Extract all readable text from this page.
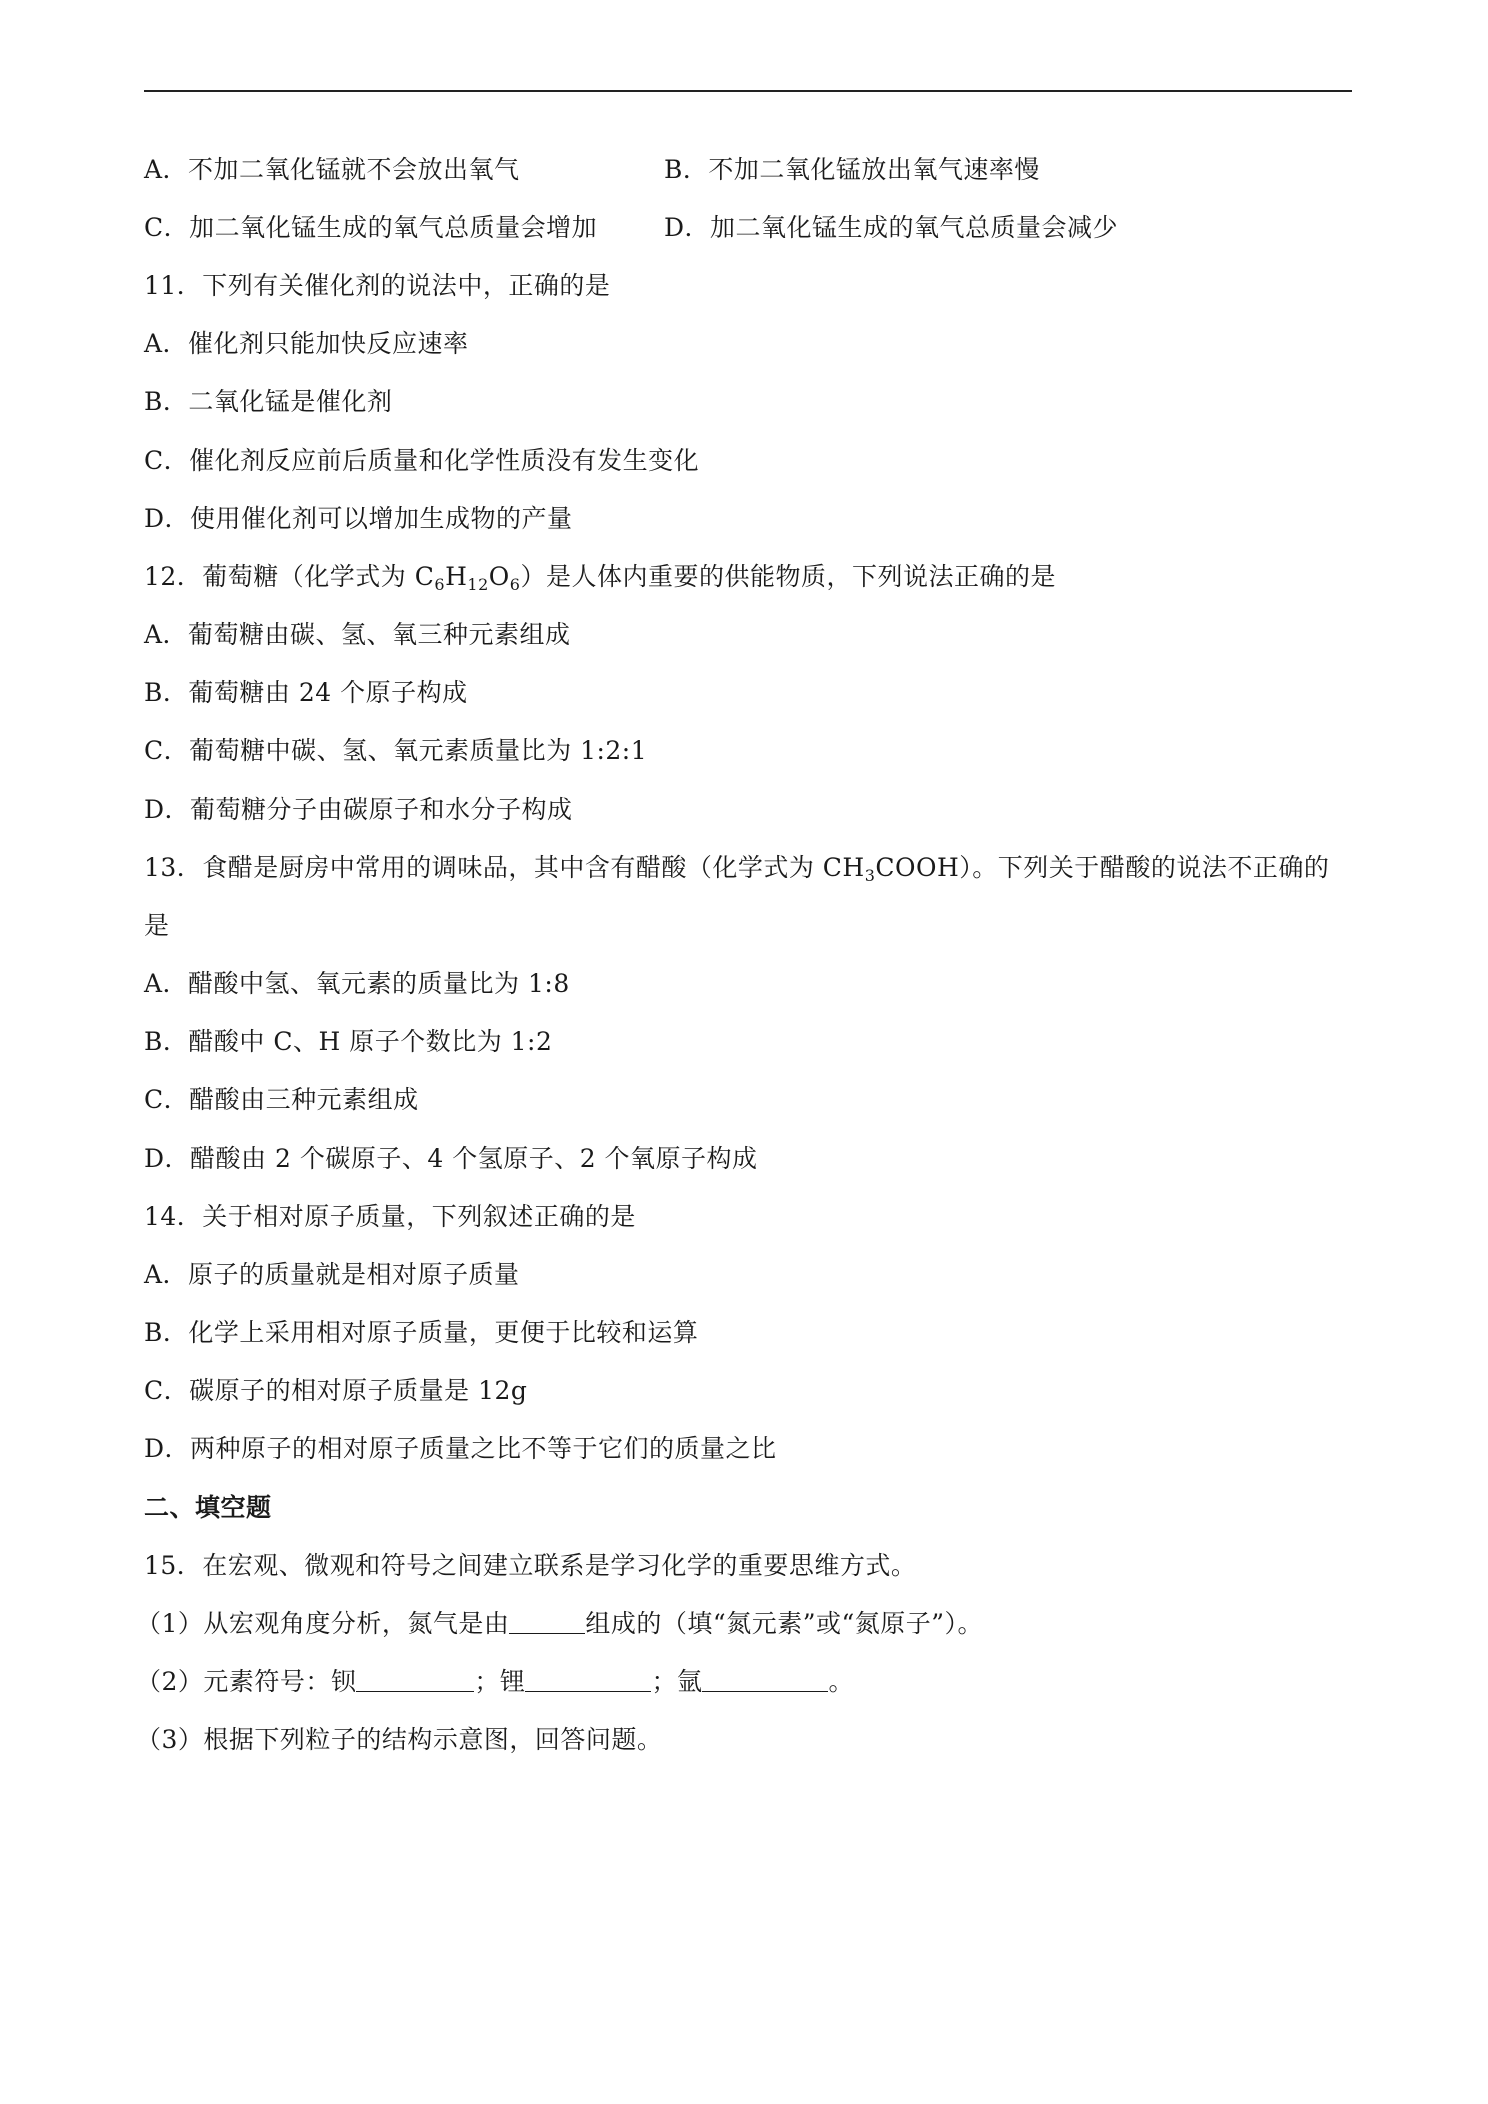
A．不加二氧化锰就不会放出氧气	B．不加二氧化锰放出氧气速率慢
C．加二氧化锰生成的氧气总质量会增加	D．加二氧化锰生成的氧气总质量会减少
11．下列有关催化剂的说法中，正确的是
A．催化剂只能加快反应速率
B．二氧化锰是催化剂
C．催化剂反应前后质量和化学性质没有发生变化
D．使用催化剂可以增加生成物的产量
12．葡萄糖（化学式为 $C_6H_{12}O_6$）是人体内重要的供能物质，下列说法正确的是
A．葡萄糖由碳、氢、氧三种元素组成
B．葡萄糖由 24 个原子构成
C．葡萄糖中碳、氢、氧元素质量比为 1:2:1
D．葡萄糖分子由碳原子和水分子构成
13．食醋是厨房中常用的调味品，其中含有醋酸（化学式为 $CH_3COOH$）。下列关于醋酸的说法不正确的
是
A．醋酸中氢、氧元素的质量比为 1:8
B．醋酸中 C、H 原子个数比为 1:2
C．醋酸由三种元素组成
D．醋酸由 2 个碳原子、4 个氢原子、2 个氧原子构成
14．关于相对原子质量，下列叙述正确的是
A．原子的质量就是相对原子质量
B．化学上采用相对原子质量，更便于比较和运算
C．碳原子的相对原子质量是 12g
D．两种原子的相对原子质量之比不等于它们的质量之比
二、填空题
15．在宏观、微观和符号之间建立联系是学习化学的重要思维方式。
（1）从宏观角度分析，氮气是由	组成的（填“氮元素”或“氮原子”）。
（2）元素符号：钡	；锂	；氩	。
（3）根据下列粒子的结构示意图，回答问题。
